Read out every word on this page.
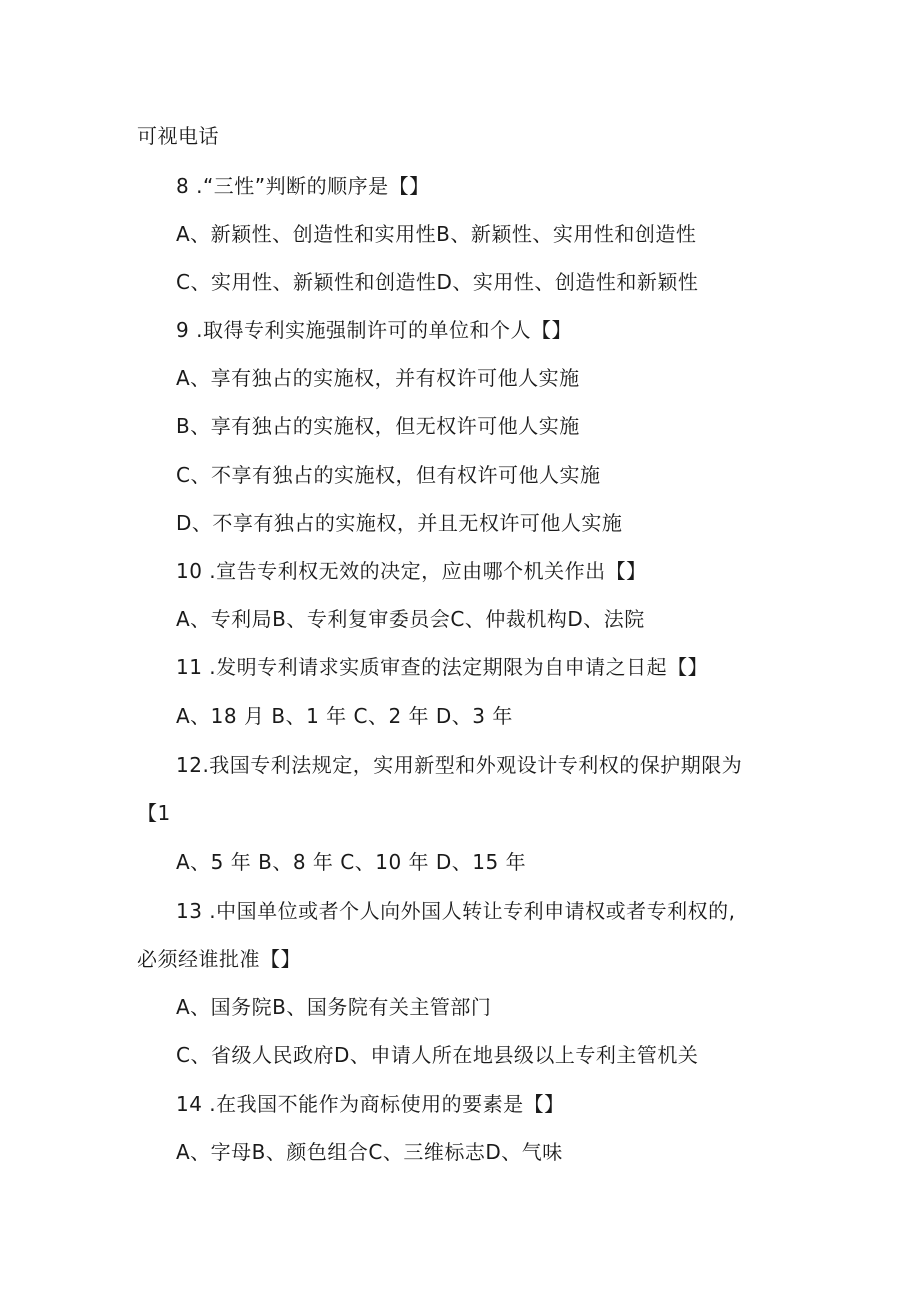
可视电话
8 .“三性”判断的顺序是【】
A、新颖性、创造性和实用性B、新颖性、实用性和创造性
C、实用性、新颖性和创造性D、实用性、创造性和新颖性
9 .取得专利实施强制许可的单位和个人【】
A、享有独占的实施权，并有权许可他人实施
B、享有独占的实施权，但无权许可他人实施
C、不享有独占的实施权，但有权许可他人实施
D、不享有独占的实施权，并且无权许可他人实施
10 .宣告专利权无效的决定，应由哪个机关作出【】
A、专利局B、专利复审委员会C、仲裁机构D、法院
11 .发明专利请求实质审查的法定期限为自申请之日起【】
A、18 月 B、1 年 C、2 年 D、3 年
12.我国专利法规定，实用新型和外观设计专利权的保护期限为
【1
A、5 年 B、8 年 C、10 年 D、15 年
13 .中国单位或者个人向外国人转让专利申请权或者专利权的,
必须经谁批准【】
A、国务院B、国务院有关主管部门
C、省级人民政府D、申请人所在地县级以上专利主管机关
14 .在我国不能作为商标使用的要素是【】
A、字母B、颜色组合C、三维标志D、气味
